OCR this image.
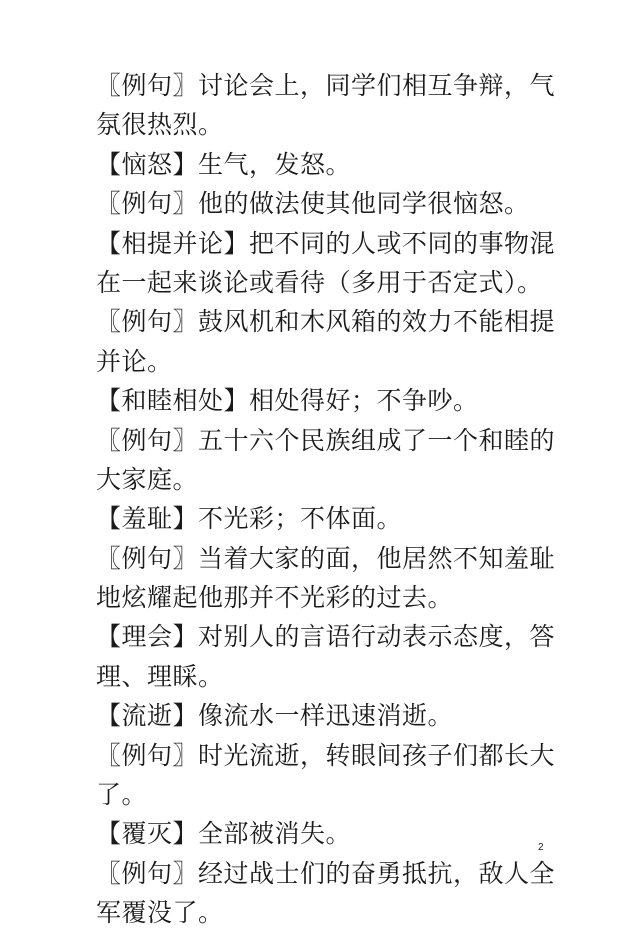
〖例句〗讨论会上，同学们相互争辩，气
氛很热烈。
【恼怒】生气，发怒。
〖例句〗他的做法使其他同学很恼怒。
【相提并论】把不同的人或不同的事物混
在一起来谈论或看待（多用于否定式）。
〖例句〗鼓风机和木风箱的效力不能相提
并论。
【和睦相处】相处得好；不争吵。
〖例句〗五十六个民族组成了一个和睦的
大家庭。
【羞耻】不光彩；不体面。
〖例句〗当着大家的面，他居然不知羞耻
地炫耀起他那并不光彩的过去。
【理会】对别人的言语行动表示态度，答
理、理睬。
【流逝】像流水一样迅速消逝。
〖例句〗时光流逝，转眼间孩子们都长大
了。
【覆灭】全部被消失。
〖例句〗经过战士们的奋勇抵抗，敌人全
军覆没了。
2
